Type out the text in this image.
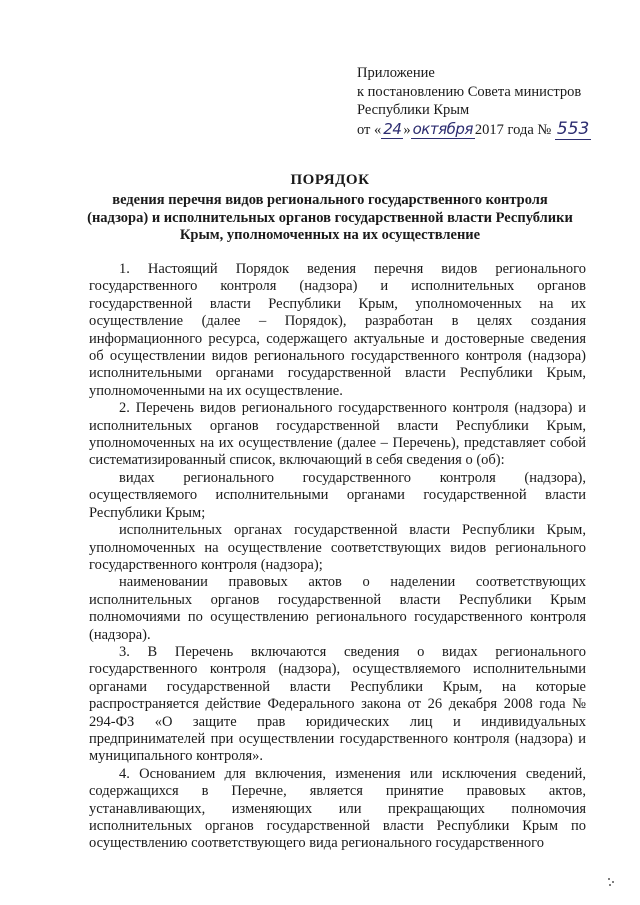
Приложение
к постановлению Совета министров
Республики Крым
от « 24 » октября 2017 года № 553
ПОРЯДОК
ведения перечня видов регионального государственного контроля (надзора) и исполнительных органов государственной власти Республики Крым, уполномоченных на их осуществление

1. Настоящий Порядок ведения перечня видов регионального государственного контроля (надзора) и исполнительных органов государственной власти Республики Крым, уполномоченных на их осуществление (далее – Порядок), разработан в целях создания информационного ресурса, содержащего актуальные и достоверные сведения об осуществлении видов регионального государственного контроля (надзора) исполнительными органами государственной власти Республики Крым, уполномоченными на их осуществление.

2. Перечень видов регионального государственного контроля (надзора) и исполнительных органов государственной власти Республики Крым, уполномоченных на их осуществление (далее – Перечень), представляет собой систематизированный список, включающий в себя сведения о (об):

видах регионального государственного контроля (надзора), осуществляемого исполнительными органами государственной власти Республики Крым;

исполнительных органах государственной власти Республики Крым, уполномоченных на осуществление соответствующих видов регионального государственного контроля (надзора);

наименовании правовых актов о наделении соответствующих исполнительных органов государственной власти Республики Крым полномочиями по осуществлению регионального государственного контроля (надзора).

3. В Перечень включаются сведения о видах регионального государственного контроля (надзора), осуществляемого исполнительными органами государственной власти Республики Крым, на которые распространяется действие Федерального закона от 26 декабря 2008 года № 294-ФЗ «О защите прав юридических лиц и индивидуальных предпринимателей при осуществлении государственного контроля (надзора) и муниципального контроля».

4. Основанием для включения, изменения или исключения сведений, содержащихся в Перечне, является принятие правовых актов, устанавливающих, изменяющих или прекращающих полномочия исполнительных органов государственной власти Республики Крым по осуществлению соответствующего вида регионального государственного
